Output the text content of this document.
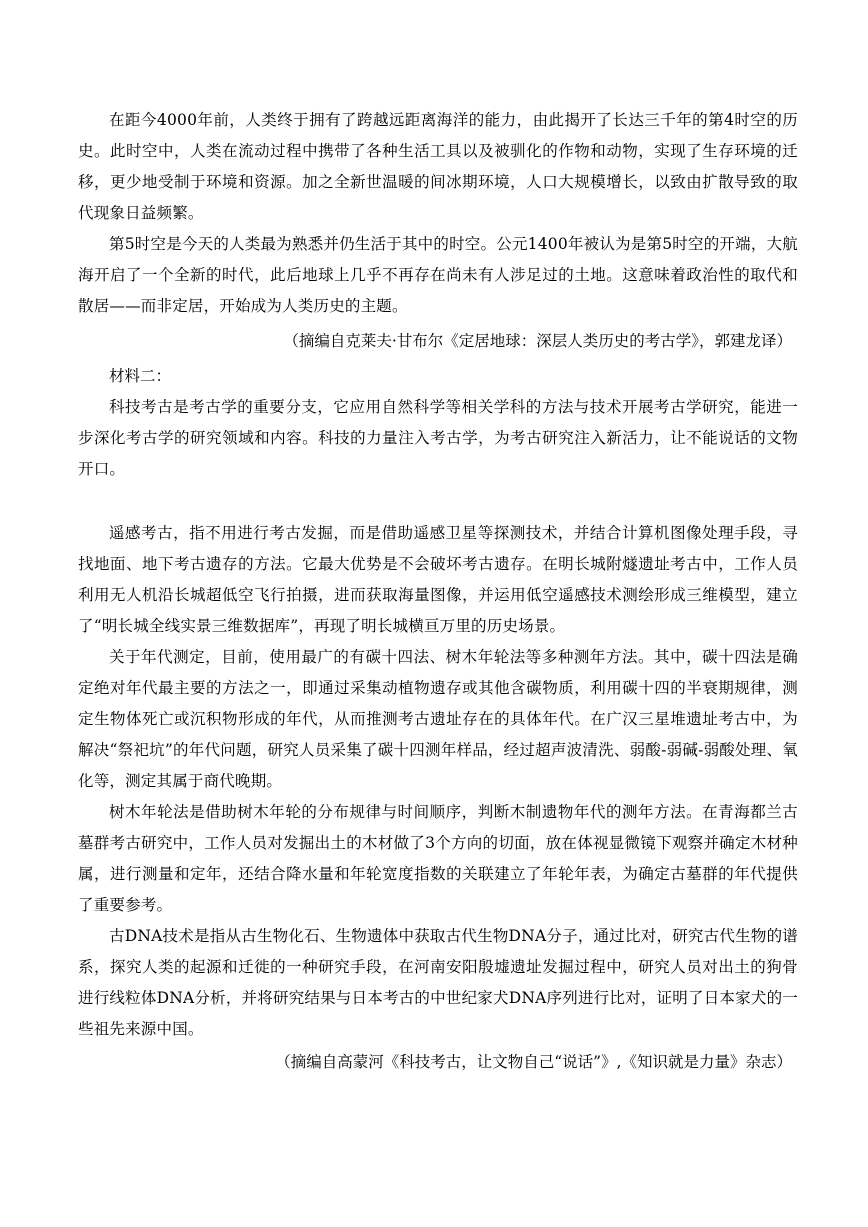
在距今4000年前，人类终于拥有了跨越远距离海洋的能力，由此揭开了长达三千年的第4时空的历史。此时空中，人类在流动过程中携带了各种生活工具以及被驯化的作物和动物，实现了生存环境的迁移，更少地受制于环境和资源。加之全新世温暖的间冰期环境，人口大规模增长，以致由扩散导致的取代现象日益频繁。

第5时空是今天的人类最为熟悉并仍生活于其中的时空。公元1400年被认为是第5时空的开端，大航海开启了一个全新的时代，此后地球上几乎不再存在尚未有人涉足过的土地。这意味着政治性的取代和散居——而非定居，开始成为人类历史的主题。

（摘编自克莱夫·甘布尔《定居地球：深层人类历史的考古学》，郭建龙译）

材料二：

科技考古是考古学的重要分支，它应用自然科学等相关学科的方法与技术开展考古学研究，能进一步深化考古学的研究领域和内容。科技的力量注入考古学，为考古研究注入新活力，让不能说话的文物开口。

遥感考古，指不用进行考古发掘，而是借助遥感卫星等探测技术，并结合计算机图像处理手段，寻找地面、地下考古遗存的方法。它最大优势是不会破坏考古遗存。在明长城附燧遗址考古中，工作人员利用无人机沿长城超低空飞行拍摄，进而获取海量图像，并运用低空遥感技术测绘形成三维模型，建立了“明长城全线实景三维数据库”，再现了明长城横亘万里的历史场景。

关于年代测定，目前，使用最广的有碳十四法、树木年轮法等多种测年方法。其中，碳十四法是确定绝对年代最主要的方法之一，即通过采集动植物遗存或其他含碳物质，利用碳十四的半衰期规律，测定生物体死亡或沉积物形成的年代，从而推测考古遗址存在的具体年代。在广汉三星堆遗址考古中，为解决“祭祀坑”的年代问题，研究人员采集了碳十四测年样品，经过超声波清洗、弱酸-弱碱-弱酸处理、氧化等，测定其属于商代晚期。

树木年轮法是借助树木年轮的分布规律与时间顺序，判断木制遗物年代的测年方法。在青海都兰古墓群考古研究中，工作人员对发掘出土的木材做了3个方向的切面，放在体视显微镜下观察并确定木材种属，进行测量和定年，还结合降水量和年轮宽度指数的关联建立了年轮年表，为确定古墓群的年代提供了重要参考。

古DNA技术是指从古生物化石、生物遗体中获取古代生物DNA分子，通过比对，研究古代生物的谱系，探究人类的起源和迁徙的一种研究手段，在河南安阳殷墟遗址发掘过程中，研究人员对出土的狗骨进行线粒体DNA分析，并将研究结果与日本考古的中世纪家犬DNA序列进行比对，证明了日本家犬的一些祖先来源中国。

（摘编自高蒙河《科技考古，让文物自己“说话”》,《知识就是力量》杂志）
